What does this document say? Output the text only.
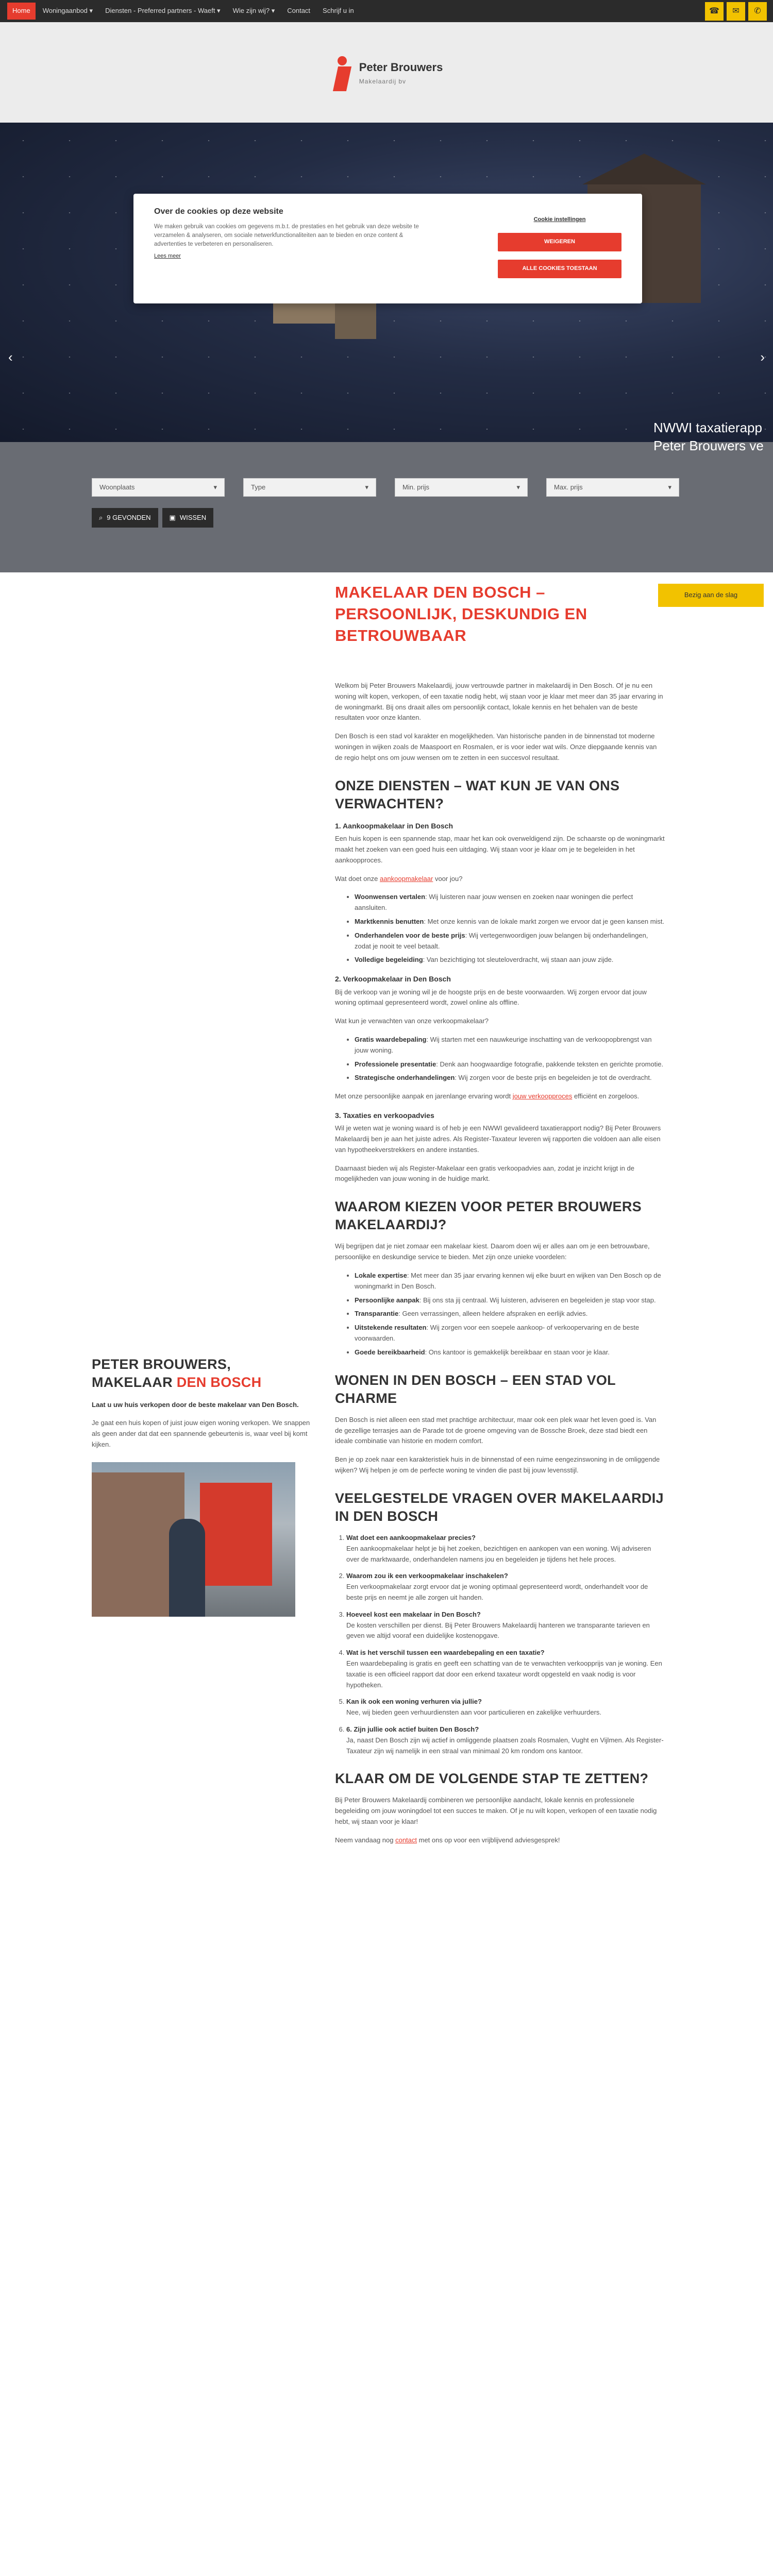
Home	Woningaanbod ▾	Diensten - Preferred partners - Waeft ▾	Wie zijn wij? ▾	Contact	Schrijf u in	☎	✉	✆
Peter Brouwers
Makelaardij bv
‹	›
NWWI taxatierapp
Peter Brouwers ve
Over de cookies op deze website

We maken gebruik van cookies om gegevens m.b.t. de prestaties en het gebruik van deze website te verzamelen & analyseren, om sociale netwerkfunctionaliteiten aan te bieden en onze content & advertenties te verbeteren en personaliseren.

Lees meer
Cookie instellingen
WEIGEREN
ALLE COOKIES TOESTAAN
Woonplaats	▾	Type	▾	Min. prijs	▾	Max. prijs	▾
⌕ 9 GEVONDEN	▣ WISSEN
MAKELAAR DEN BOSCH – PERSOONLIJK, DESKUNDIG EN BETROUWBAAR
Bezig aan de slag

Welkom bij Peter Brouwers Makelaardij, jouw vertrouwde partner in makelaardij in Den Bosch. Of je nu een woning wilt kopen, verkopen, of een taxatie nodig hebt, wij staan voor je klaar met meer dan 35 jaar ervaring in de woningmarkt. Bij ons draait alles om persoonlijk contact, lokale kennis en het behalen van de beste resultaten voor onze klanten.

Den Bosch is een stad vol karakter en mogelijkheden. Van historische panden in de binnenstad tot moderne woningen in wijken zoals de Maaspoort en Rosmalen, er is voor ieder wat wils. Onze diepgaande kennis van de regio helpt ons om jouw wensen om te zetten in een succesvol resultaat.

ONZE DIENSTEN – WAT KUN JE VAN ONS VERWACHTEN?
1. Aankoopmakelaar in Den Bosch

Een huis kopen is een spannende stap, maar het kan ook overweldigend zijn. De schaarste op de woningmarkt maakt het zoeken van een goed huis een uitdaging. Wij staan voor je klaar om je te begeleiden in het aankoopproces.

Wat doet onze aankoopmakelaar voor jou?

• Woonwensen vertalen: Wij luisteren naar jouw wensen en zoeken naar woningen die perfect aansluiten.
• Marktkennis benutten: Met onze kennis van de lokale markt zorgen we ervoor dat je geen kansen mist.
• Onderhandelen voor de beste prijs: Wij vertegenwoordigen jouw belangen bij onderhandelingen, zodat je nooit te veel betaalt.
• Volledige begeleiding: Van bezichtiging tot sleuteloverdracht, wij staan aan jouw zijde.
2. Verkoopmakelaar in Den Bosch

Bij de verkoop van je woning wil je de hoogste prijs en de beste voorwaarden. Wij zorgen ervoor dat jouw woning optimaal gepresenteerd wordt, zowel online als offline.

Wat kun je verwachten van onze verkoopmakelaar?

• Gratis waardebepaling: Wij starten met een nauwkeurige inschatting van de verkoopopbrengst van jouw woning.
• Professionele presentatie: Denk aan hoogwaardige fotografie, pakkende teksten en gerichte promotie.
• Strategische onderhandelingen: Wij zorgen voor de beste prijs en begeleiden je tot de overdracht.

Met onze persoonlijke aanpak en jarenlange ervaring wordt jouw verkoopproces efficiënt en zorgeloos.

3. Taxaties en verkoopadvies

Wil je weten wat je woning waard is of heb je een NWWI gevalideerd taxatierapport nodig? Bij Peter Brouwers Makelaardij ben je aan het juiste adres. Als Register-Taxateur leveren wij rapporten die voldoen aan alle eisen van hypotheekverstrekkers en andere instanties.

Daarnaast bieden wij als Register-Makelaar een gratis verkoopadvies aan, zodat je inzicht krijgt in de mogelijkheden van jouw woning in de huidige markt.

WAAROM KIEZEN VOOR PETER BROUWERS MAKELAARDIJ?

Wij begrijpen dat je niet zomaar een makelaar kiest. Daarom doen wij er alles aan om je een betrouwbare, persoonlijke en deskundige service te bieden. Met zijn onze unieke voordelen:

• Lokale expertise: Met meer dan 35 jaar ervaring kennen wij elke buurt en wijken van Den Bosch op de woningmarkt in Den Bosch.
• Persoonlijke aanpak: Bij ons sta jij centraal. Wij luisteren, adviseren en begeleiden je stap voor stap.
• Transparantie: Geen verrassingen, alleen heldere afspraken en eerlijk advies.
• Uitstekende resultaten: Wij zorgen voor een soepele aankoop- of verkoopervaring en de beste voorwaarden.
• Goede bereikbaarheid: Ons kantoor is gemakkelijk bereikbaar en staan voor je klaar.
WONEN IN DEN BOSCH – EEN STAD VOL CHARME

Den Bosch is niet alleen een stad met prachtige architectuur, maar ook een plek waar het leven goed is. Van de gezellige terrasjes aan de Parade tot de groene omgeving van de Bossche Broek, deze stad biedt een ideale combinatie van historie en modern comfort.

Ben je op zoek naar een karakteristiek huis in de binnenstad of een ruime eengezinswoning in de omliggende wijken? Wij helpen je om de perfecte woning te vinden die past bij jouw levensstijl.

VEELGESTELDE VRAGEN OVER MAKELAARDIJ IN DEN BOSCH
1. Wat doet een aankoopmakelaar precies?
Een aankoopmakelaar helpt je bij het zoeken, bezichtigen en aankopen van een woning. Wij adviseren over de marktwaarde, onderhandelen namens jou en begeleiden je tijdens het hele proces.
2. Waarom zou ik een verkoopmakelaar inschakelen?
Een verkoopmakelaar zorgt ervoor dat je woning optimaal gepresenteerd wordt, onderhandelt voor de beste prijs en neemt je alle zorgen uit handen.
3. Hoeveel kost een makelaar in Den Bosch?
De kosten verschillen per dienst. Bij Peter Brouwers Makelaardij hanteren we transparante tarieven en geven we altijd vooraf een duidelijke kostenopgave.
4. Wat is het verschil tussen een waardebepaling en een taxatie?
Een waardebepaling is gratis en geeft een schatting van de te verwachten verkoopprijs van je woning. Een taxatie is een officieel rapport dat door een erkend taxateur wordt opgesteld en vaak nodig is voor hypotheken.
5. Kan ik ook een woning verhuren via jullie?
Nee, wij bieden geen verhuurdiensten aan voor particulieren en zakelijke verhuurders.
6. 6. Zijn jullie ook actief buiten Den Bosch?
Ja, naast Den Bosch zijn wij actief in omliggende plaatsen zoals Rosmalen, Vught en Vijlmen. Als Register-Taxateur zijn wij namelijk in een straal van minimaal 20 km rondom ons kantoor.
KLAAR OM DE VOLGENDE STAP TE ZETTEN?

Bij Peter Brouwers Makelaardij combineren we persoonlijke aandacht, lokale kennis en professionele begeleiding om jouw woningdoel tot een succes te maken. Of je nu wilt kopen, verkopen of een taxatie nodig hebt, wij staan voor je klaar!

Neem vandaag nog contact met ons op voor een vrijblijvend adviesgesprek!

PETER BROUWERS, MAKELAAR DEN BOSCH
Laat u uw huis verkopen door de beste makelaar van Den Bosch.

Je gaat een huis kopen of juist jouw eigen woning verkopen. We snappen als geen ander dat dat een spannende gebeurtenis is, waar veel bij komt kijken.
